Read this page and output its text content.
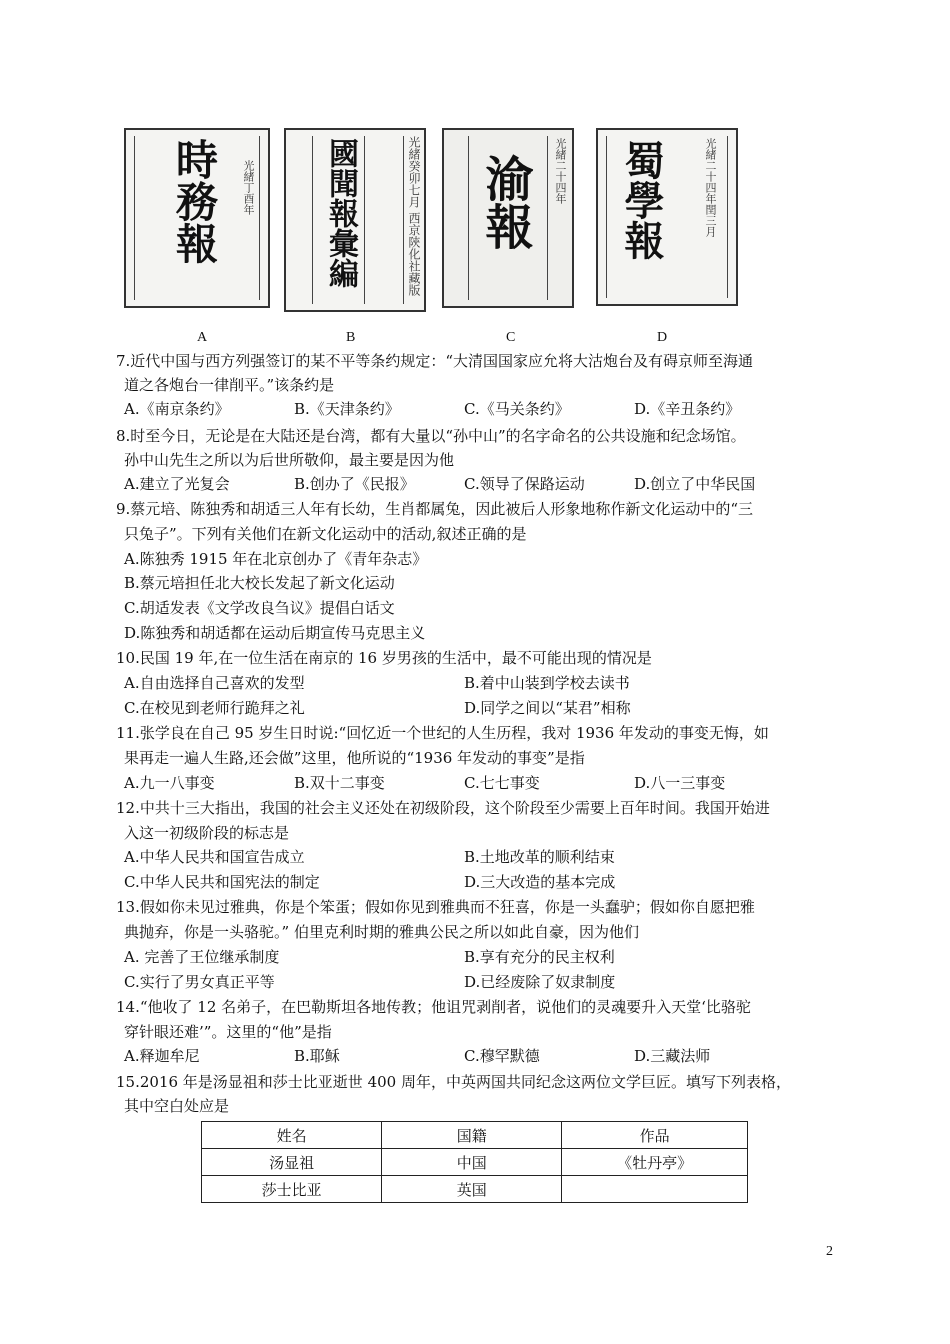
時務報 光緒丁酉年 國聞報彙編	光緒癸卯七月 西京陝化社藏版 渝報 光緒二十四年 蜀學報	光緒二十四年閏三月
A	B	C	D
7.近代中国与西方列强签订的某不平等条约规定：“大清国国家应允将大沽炮台及有碍京师至海通
道之各炮台一律削平。”该条约是
A.《南京条约》	B.《天津条约》	C.《马关条约》	D.《辛丑条约》
8.时至今日，无论是在大陆还是台湾，都有大量以“孙中山”的名字命名的公共设施和纪念场馆。
孙中山先生之所以为后世所敬仰，最主要是因为他
A.建立了光复会	B.创办了《民报》	C.领导了保路运动	D.创立了中华民国
9.蔡元培、陈独秀和胡适三人年有长幼，生肖都属兔，因此被后人形象地称作新文化运动中的“三
只兔子”。下列有关他们在新文化运动中的活动,叙述正确的是
A.陈独秀 1915 年在北京创办了《青年杂志》
B.蔡元培担任北大校长发起了新文化运动
C.胡适发表《文学改良刍议》提倡白话文
D.陈独秀和胡适都在运动后期宣传马克思主义
10.民国 19 年,在一位生活在南京的 16 岁男孩的生活中，最不可能出现的情况是
A.自由选择自己喜欢的发型	B.着中山装到学校去读书
C.在校见到老师行跪拜之礼	D.同学之间以“某君”相称
11.张学良在自己 95 岁生日时说:“回忆近一个世纪的人生历程，我对 1936 年发动的事变无悔，如
果再走一遍人生路,还会做”这里，他所说的“1936 年发动的事变”是指
A.九一八事变	B.双十二事变	C.七七事变	D.八一三事变
12.中共十三大指出，我国的社会主义还处在初级阶段，这个阶段至少需要上百年时间。我国开始进
入这一初级阶段的标志是
A.中华人民共和国宣告成立	B.土地改革的顺利结束
C.中华人民共和国宪法的制定	D.三大改造的基本完成
13.假如你未见过雅典，你是个笨蛋；假如你见到雅典而不狂喜，你是一头蠢驴；假如你自愿把雅
典抛弃，你是一头骆驼。” 伯里克利时期的雅典公民之所以如此自豪，因为他们
A. 完善了王位继承制度	B.享有充分的民主权利
C.实行了男女真正平等	D.已经废除了奴隶制度
14.“他收了 12 名弟子，在巴勒斯坦各地传教；他诅咒剥削者，说他们的灵魂要升入天堂‘比骆驼
穿针眼还难’”。这里的“他”是指
A.释迦牟尼	B.耶稣	C.穆罕默德	D.三藏法师
15.2016 年是汤显祖和莎士比亚逝世 400 周年，中英两国共同纪念这两位文学巨匠。填写下列表格，
其中空白处应是
姓名	国籍	作品
汤显祖	中国	《牡丹亭》
莎士比亚	英国	
2
